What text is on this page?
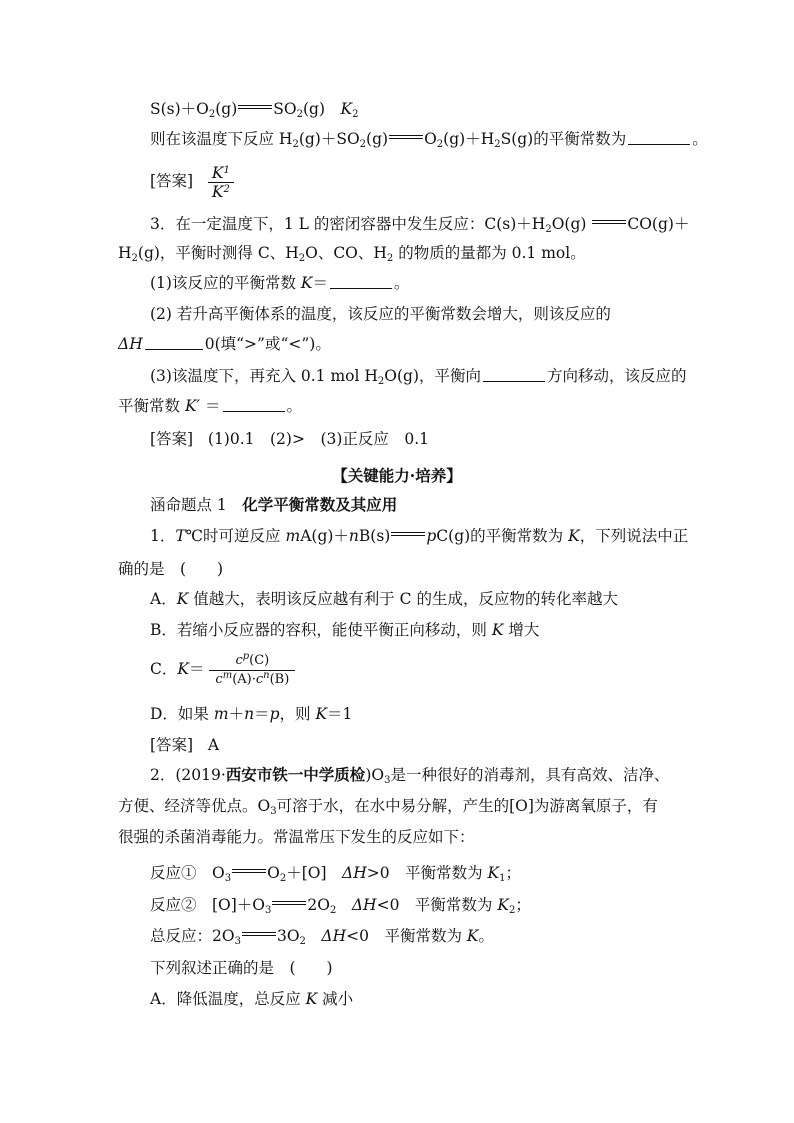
$S(s)+O_2(g)$ $SO_2(g)$　$K_2$
则在该温度下反应 $H_2(g)+SO_2(g)$ $O_2(g)+H_2S(g)$的平衡常数为	。
[答案] $\frac{K^1}{K^2}$
3．在一定温度下，1 L 的密闭容器中发生反应：$C(s)+H_2O(g)$	CO(g)＋
$H_2(g)$，平衡时测得 C、$H_2O$、CO、$H_2$ 的物质的量都为 0.1 mol。
(1)该反应的平衡常数 K＝	。
(2) 若升高平衡体系的温度，该反应的平衡常数会增大，则该反应的
ΔH	0(填“>”或“<”)。
(3)该温度下，再充入 0.1 mol $H_2O(g)$，平衡向	方向移动，该反应的
平衡常数 K′ ＝	。
[答案] (1)0.1　(2)>　(3)正反应　0.1
【关键能力·培养】
涵命题点 1　化学平衡常数及其应用
1．T℃时可逆反应 mA(g)＋nB(s) pC(g)的平衡常数为 K，下列说法中正
确的是　(　　)
A．K 值越大，表明该反应越有利于 C 的生成，反应物的转化率越大
B．若缩小反应器的容积，能使平衡正向移动，则 K 增大
C．$K= \frac{c^p(C)}{c^m(A)\cdot c^n(B)}$
D．如果 m＋n＝p，则 K＝1
[答案] A
2．(2019·西安市铁一中学质检)$O_3$是一种很好的消毒剂，具有高效、洁净、
方便、经济等优点。$O_3$可溶于水，在水中易分解，产生的[O]为游离氧原子，有
很强的杀菌消毒能力。常温常压下发生的反应如下：
反应①　$O_3$ $O_2+[O]$　ΔH>0　平衡常数为 $K_1$；
反应②　$[O]+O_3$ $2O_2$　 ΔH<0　平衡常数为 $K_2$；
总反应：$2O_3$ $3O_2$　 ΔH<0　平衡常数为 K。
下列叙述正确的是　(　　)
A．降低温度，总反应 K 减小
